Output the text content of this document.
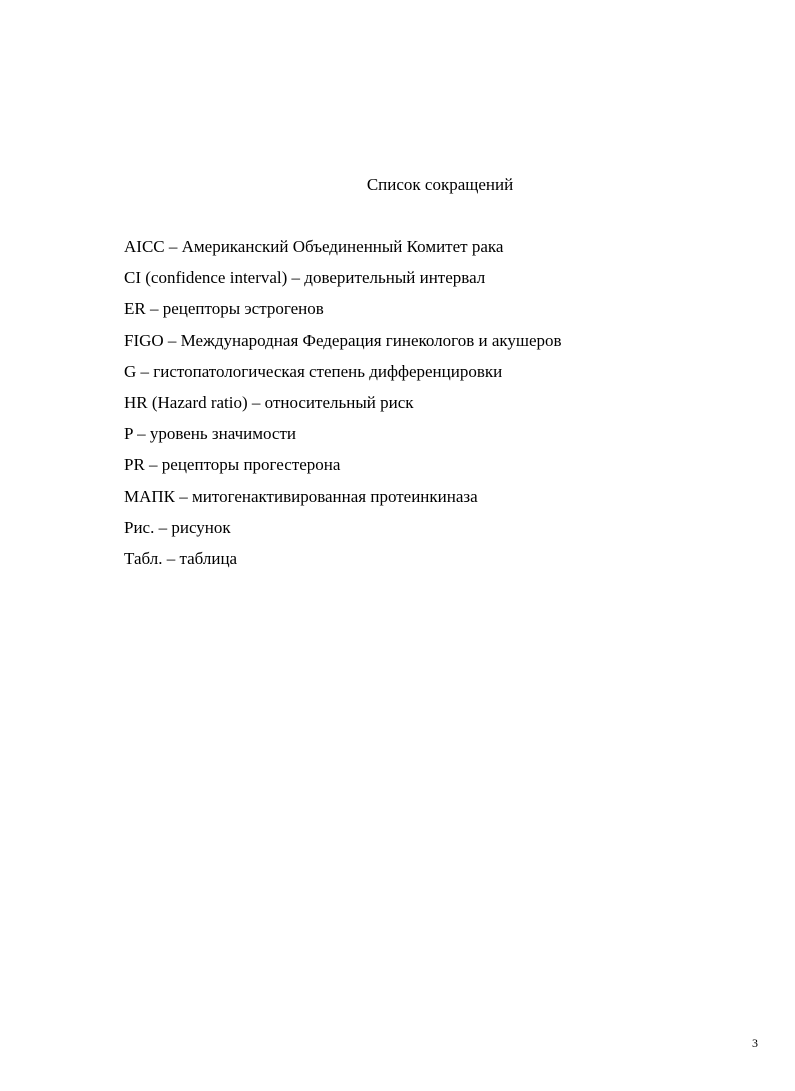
Список сокращений
AICC – Американский Объединенный Комитет рака
CI (confidence interval) – доверительный интервал
ER – рецепторы эстрогенов
FIGO – Международная Федерация гинекологов и акушеров
G – гистопатологическая степень дифференцировки
HR (Hazard ratio) – относительный риск
P – уровень значимости
PR – рецепторы прогестерона
МАПК – митогенактивированная протеинкиназа
Рис. – рисунок
Табл. – таблица
3
